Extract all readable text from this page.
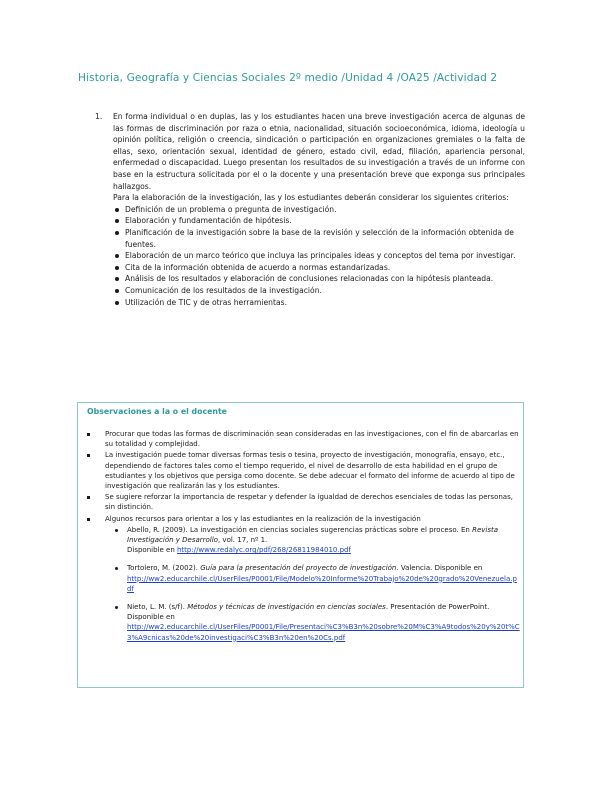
Historia, Geografía y Ciencias Sociales 2º medio /Unidad 4 /OA25 /Actividad 2
1.	En forma individual o en duplas, las y los estudiantes hacen una breve investigación acerca de algunas de las formas de discriminación por raza o etnia, nacionalidad, situación socioeconómica, idioma, ideología u opinión política, religión o creencia, sindicación o participación en organizaciones gremiales o la falta de ellas, sexo, orientación sexual, identidad de género, estado civil, edad, filiación, apariencia personal, enfermedad o discapacidad. Luego presentan los resultados de su investigación a través de un informe con base en la estructura solicitada por el o la docente y una presentación breve que exponga sus principales hallazgos.

Para la elaboración de la investigación, las y los estudiantes deberán considerar los siguientes criterios:

Definición de un problema o pregunta de investigación.
Elaboración y fundamentación de hipótesis.
Planificación de la investigación sobre la base de la revisión y selección de la información obtenida de fuentes.
Elaboración de un marco teórico que incluya las principales ideas y conceptos del tema por investigar.
Cita de la información obtenida de acuerdo a normas estandarizadas.
Análisis de los resultados y elaboración de conclusiones relacionadas con la hipótesis planteada.
Comunicación de los resultados de la investigación.
Utilización de TIC y de otras herramientas.
Observaciones a la o el docente
Procurar que todas las formas de discriminación sean consideradas en las investigaciones, con el fin de abarcarlas en su totalidad y complejidad.
La investigación puede tomar diversas formas tesis o tesina, proyecto de investigación, monografía, ensayo, etc., dependiendo de factores tales como el tiempo requerido, el nivel de desarrollo de esta habilidad en el grupo de estudiantes y los objetivos que persiga como docente. Se debe adecuar el formato del informe de acuerdo al tipo de investigación que realizarán las y los estudiantes.
Se sugiere reforzar la importancia de respetar y defender la igualdad de derechos esenciales de todas las personas, sin distinción.
Algunos recursos para orientar a los y las estudiantes en la realización de la investigación
Abello, R. (2009). La investigación en ciencias sociales sugerencias prácticas sobre el proceso. En Revista Investigación y Desarrollo, vol. 17, nº 1.
Disponible en http://www.redalyc.org/pdf/268/26811984010.pdf
Tortolero, M. (2002). Guía para la presentación del proyecto de investigación. Valencia. Disponible en
http://ww2.educarchile.cl/UserFiles/P0001/File/Modelo%20Informe%20Trabajo%20de%20grado%20Venezuela.pdf
Nieto, L. M. (s/f). Métodos y técnicas de investigación en ciencias sociales. Presentación de PowerPoint. Disponible en
http://ww2.educarchile.cl/UserFiles/P0001/File/Presentaci%C3%B3n%20sobre%20M%C3%A9todos%20y%20t%C3%A9cnicas%20de%20investigaci%C3%B3n%20en%20Cs.pdf
